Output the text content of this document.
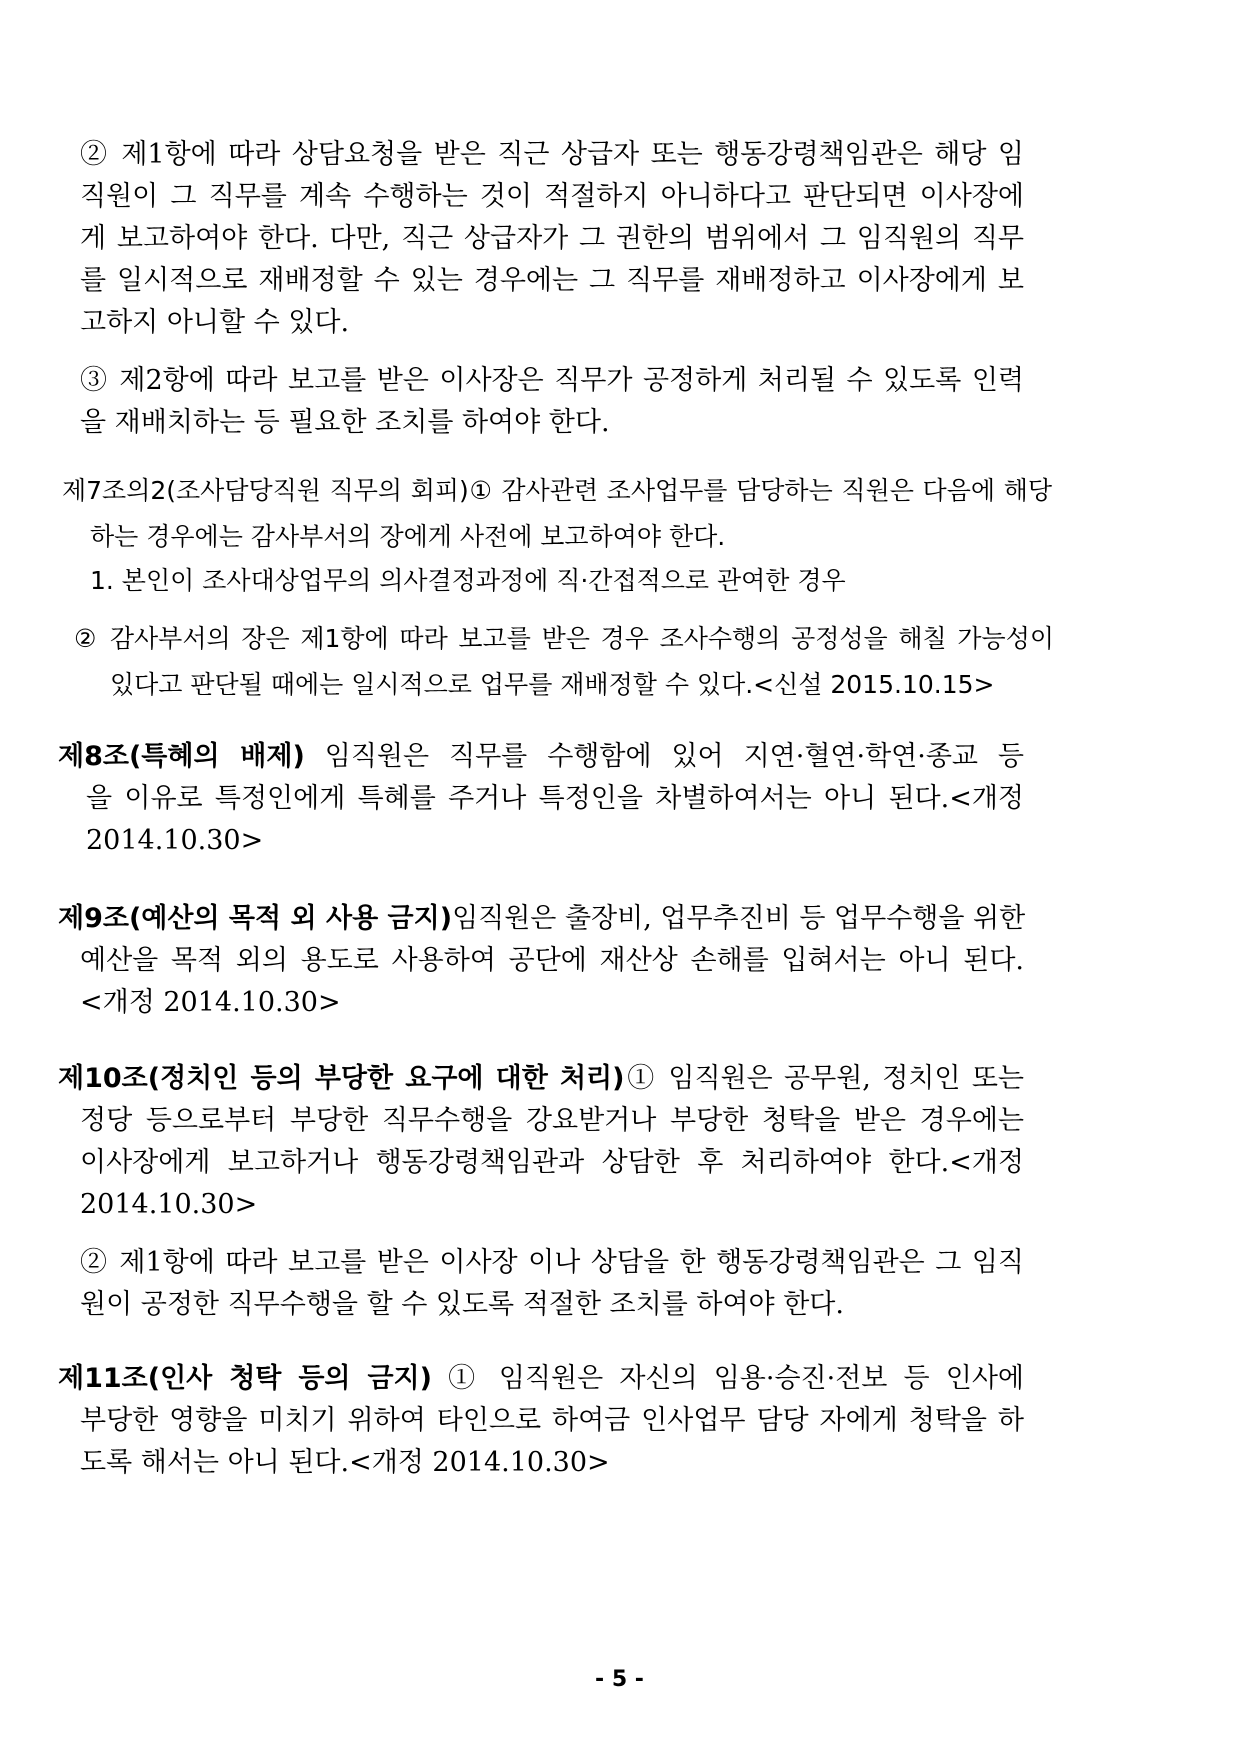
② 제1항에 따라 상담요청을 받은 직근 상급자 또는 행동강령책임관은 해당 임
직원이 그 직무를 계속 수행하는 것이 적절하지 아니하다고 판단되면 이사장에
게 보고하여야 한다. 다만, 직근 상급자가 그 권한의 범위에서 그 임직원의 직무
를 일시적으로 재배정할 수 있는 경우에는 그 직무를 재배정하고 이사장에게 보
고하지 아니할 수 있다.
③ 제2항에 따라 보고를 받은 이사장은 직무가 공정하게 처리될 수 있도록 인력
을 재배치하는 등 필요한 조치를 하여야 한다.
제7조의2(조사담당직원 직무의 회피)① 감사관련 조사업무를 담당하는 직원은 다음에 해당
하는 경우에는 감사부서의 장에게 사전에 보고하여야 한다.
1. 본인이 조사대상업무의 의사결정과정에 직·간접적으로 관여한 경우
② 감사부서의 장은 제1항에 따라 보고를 받은 경우 조사수행의 공정성을 해칠 가능성이
있다고 판단될 때에는 일시적으로 업무를 재배정할 수 있다.<신설 2015.10.15>
제8조(특혜의 배제) 임직원은 직무를 수행함에 있어 지연·혈연·학연·종교 등
을 이유로 특정인에게 특혜를 주거나 특정인을 차별하여서는 아니 된다.<개정
2014.10.30>
제9조(예산의 목적 외 사용 금지)임직원은 출장비, 업무추진비 등 업무수행을 위한
예산을 목적 외의 용도로 사용하여 공단에 재산상 손해를 입혀서는 아니 된다.
<개정 2014.10.30>
제10조(정치인 등의 부당한 요구에 대한 처리)① 임직원은 공무원, 정치인 또는
정당 등으로부터 부당한 직무수행을 강요받거나 부당한 청탁을 받은 경우에는
이사장에게 보고하거나 행동강령책임관과 상담한 후 처리하여야 한다.<개정
2014.10.30>
② 제1항에 따라 보고를 받은 이사장 이나 상담을 한 행동강령책임관은 그 임직
원이 공정한 직무수행을 할 수 있도록 적절한 조치를 하여야 한다.
제11조(인사 청탁 등의 금지) ① 임직원은 자신의 임용·승진·전보 등 인사에
부당한 영향을 미치기 위하여 타인으로 하여금 인사업무 담당 자에게 청탁을 하
도록 해서는 아니 된다.<개정 2014.10.30>
- 5 -
